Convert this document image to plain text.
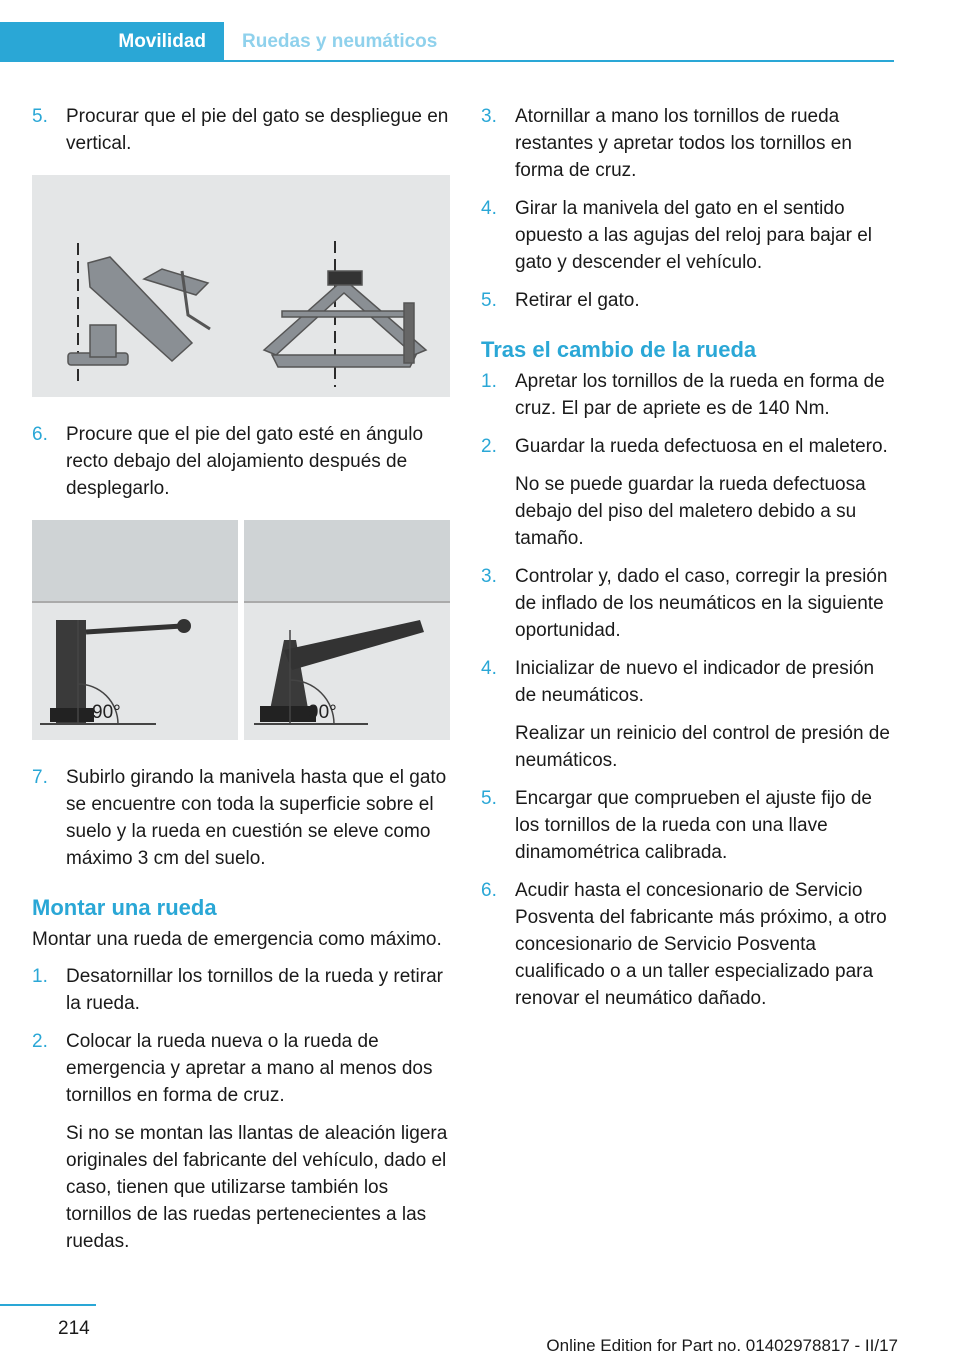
Movilidad Ruedas y neumáticos
5. Procurar que el pie del gato se despliegue en vertical.

6. Procure que el pie del gato esté en ángulo recto debajo del alojamiento después de desplegarlo.

90°	90°
7. Subirlo girando la manivela hasta que el gato se encuentre con toda la superficie sobre el suelo y la rueda en cuestión se eleve como máximo 3 cm del suelo.

Montar una rueda

Montar una rueda de emergencia como máximo.

1. Desatornillar los tornillos de la rueda y retirar la rueda.

2. Colocar la rueda nueva o la rueda de emergencia y apretar a mano al menos dos tornillos en forma de cruz.

Si no se montan las llantas de aleación ligera originales del fabricante del vehículo, dado el caso, tienen que utilizarse también los tornillos de las ruedas pertenecientes a las ruedas.

3. Atornillar a mano los tornillos de rueda restantes y apretar todos los tornillos en forma de cruz.

4. Girar la manivela del gato en el sentido opuesto a las agujas del reloj para bajar el gato y descender el vehículo.

5. Retirar el gato.

Tras el cambio de la rueda
1. Apretar los tornillos de la rueda en forma de cruz. El par de apriete es de 140 Nm.

2. Guardar la rueda defectuosa en el maletero.

No se puede guardar la rueda defectuosa debajo del piso del maletero debido a su tamaño.

3. Controlar y, dado el caso, corregir la presión de inflado de los neumáticos en la siguiente oportunidad.

4. Inicializar de nuevo el indicador de presión de neumáticos.

Realizar un reinicio del control de presión de neumáticos.

5. Encargar que comprueben el ajuste fijo de los tornillos de la rueda con una llave dinamométrica calibrada.

6. Acudir hasta el concesionario de Servicio Posventa del fabricante más próximo, a otro concesionario de Servicio Posventa cualificado o a un taller especializado para renovar el neumático dañado.

214
Online Edition for Part no. 01402978817 - II/17
